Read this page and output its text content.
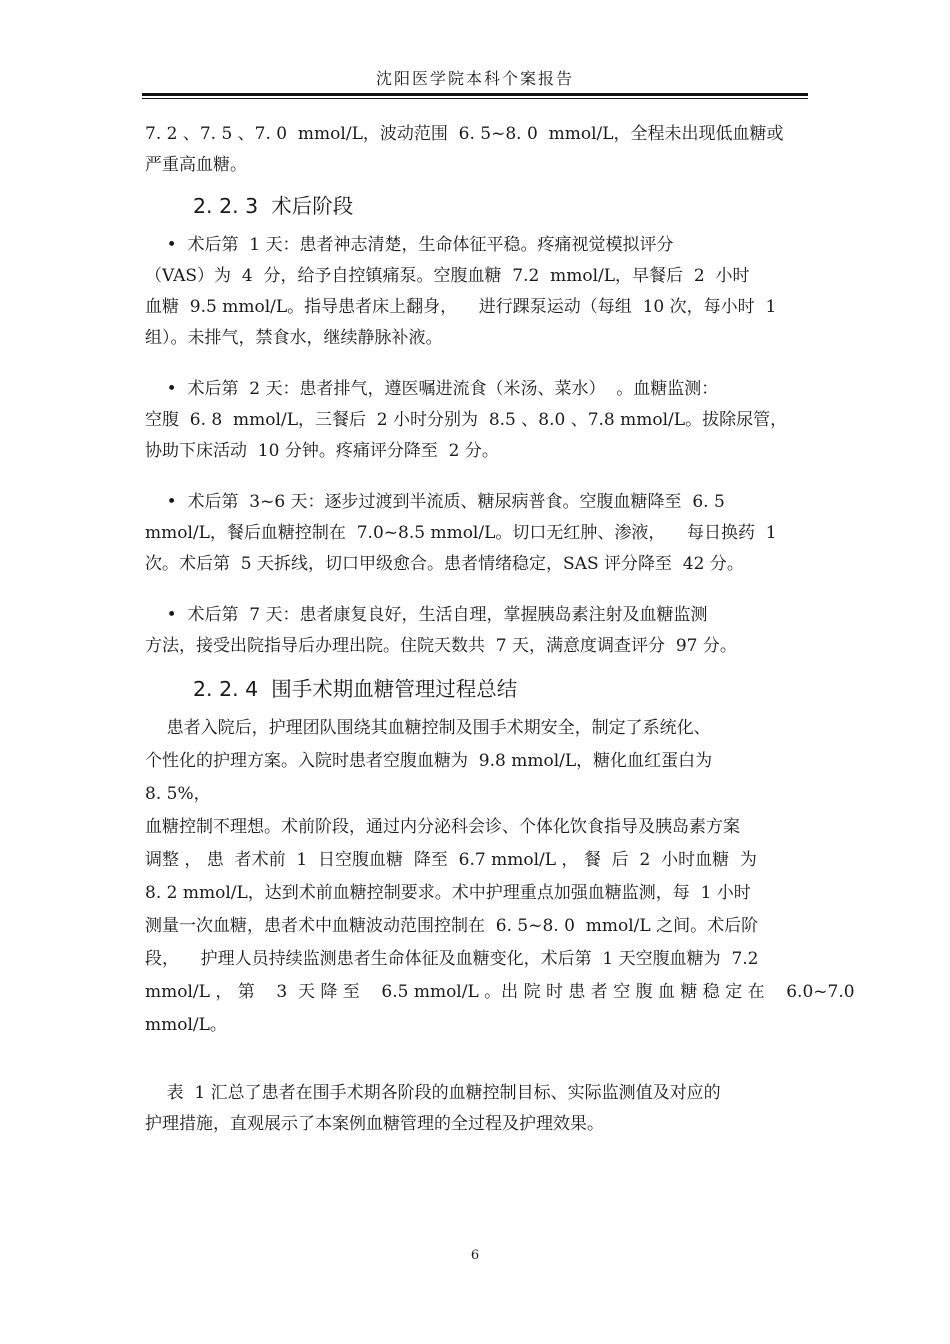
沈阳医学院本科个案报告
7. 2 、7. 5 、7. 0  mmol/L，波动范围  6. 5~8. 0  mmol/L，全程未出现低血糖或
严重高血糖。
2. 2. 3  术后阶段
•  术后第  1 天：患者神志清楚，生命体征平稳。疼痛视觉模拟评分
（VAS）为  4  分，给予自控镇痛泵。空腹血糖  7.2  mmol/L，早餐后  2  小时
血糖  9.5 mmol/L。指导患者床上翻身，    进行踝泵运动（每组  10 次，每小时  1
组）。未排气，禁食水，继续静脉补液。
•  术后第  2 天：患者排气，遵医嘱进流食（米汤、菜水）  。血糖监测：
空腹  6. 8  mmol/L，三餐后  2 小时分别为  8.5 、8.0 、7.8 mmol/L。拔除尿管，
协助下床活动  10 分钟。疼痛评分降至  2 分。
•  术后第  3~6 天：逐步过渡到半流质、糖尿病普食。空腹血糖降至  6. 5
mmol/L，餐后血糖控制在  7.0~8.5 mmol/L。切口无红肿、渗液，    每日换药  1
次。术后第  5 天拆线，切口甲级愈合。患者情绪稳定，SAS 评分降至  42 分。
•  术后第  7 天：患者康复良好，生活自理，掌握胰岛素注射及血糖监测
方法，接受出院指导后办理出院。住院天数共  7 天，满意度调查评分  97 分。
2. 2. 4  围手术期血糖管理过程总结
患者入院后，护理团队围绕其血糖控制及围手术期安全，制定了系统化、
个性化的护理方案。入院时患者空腹血糖为  9.8 mmol/L，糖化血红蛋白为
8. 5%，
血糖控制不理想。术前阶段，通过内分泌科会诊、个体化饮食指导及胰岛素方案
调整 ， 患  者术前  1  日空腹血糖  降至  6.7 mmol/L ， 餐  后  2  小时血糖  为
8. 2 mmol/L，达到术前血糖控制要求。术中护理重点加强血糖监测，每  1 小时
测量一次血糖，患者术中血糖波动范围控制在  6. 5~8. 0  mmol/L 之间。术后阶
段，    护理人员持续监测患者生命体征及血糖变化，术后第  1 天空腹血糖为  7.2
mmol/L ， 第    3  天 降 至    6.5 mmol/L 。出 院 时 患 者 空 腹 血 糖 稳 定 在    6.0~7.0
mmol/L。
表  1 汇总了患者在围手术期各阶段的血糖控制目标、实际监测值及对应的
护理措施，直观展示了本案例血糖管理的全过程及护理效果。
6
